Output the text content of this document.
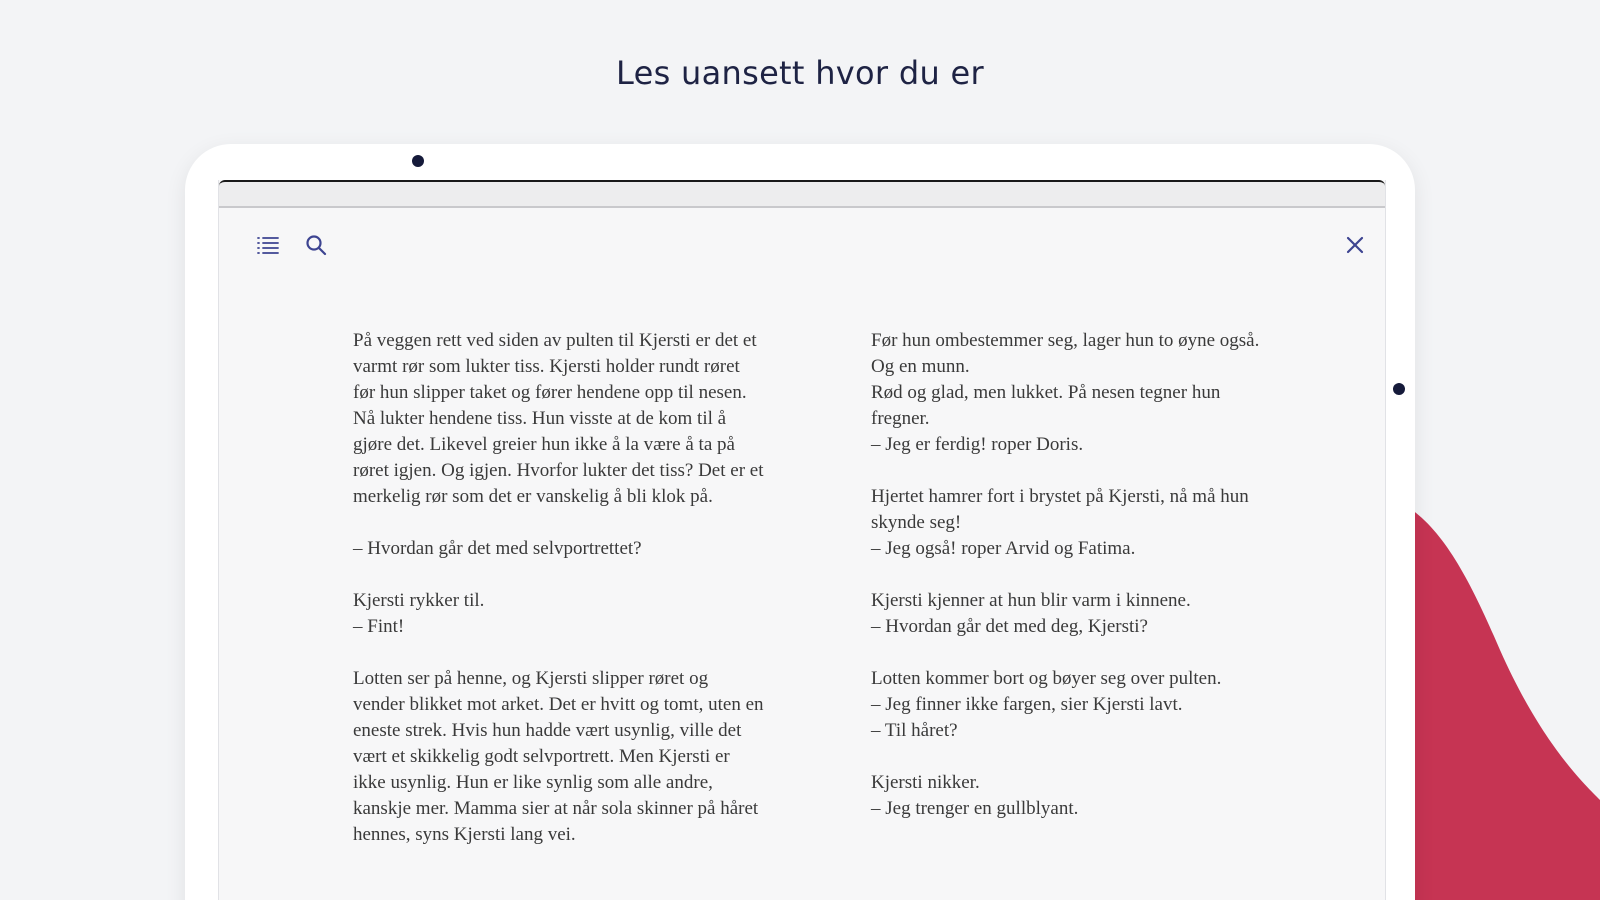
Les uansett hvor du er

På veggen rett ved siden av pulten til Kjersti er det et
varmt rør som lukter tiss. Kjersti holder rundt røret
før hun slipper taket og fører hendene opp til nesen.
Nå lukter hendene tiss. Hun visste at de kom til å
gjøre det. Likevel greier hun ikke å la være å ta på
røret igjen. Og igjen. Hvorfor lukter det tiss? Det er et
merkelig rør som det er vanskelig å bli klok på.

– Hvordan går det med selvportrettet?

Kjersti rykker til.
– Fint!

Lotten ser på henne, og Kjersti slipper røret og
vender blikket mot arket. Det er hvitt og tomt, uten en
eneste strek. Hvis hun hadde vært usynlig, ville det
vært et skikkelig godt selvportrett. Men Kjersti er
ikke usynlig. Hun er like synlig som alle andre,
kanskje mer. Mamma sier at når sola skinner på håret
hennes, syns Kjersti lang vei.

Før hun ombestemmer seg, lager hun to øyne også.
Og en munn.
Rød og glad, men lukket. På nesen tegner hun
fregner.
– Jeg er ferdig! roper Doris.

Hjertet hamrer fort i brystet på Kjersti, nå må hun
skynde seg!
– Jeg også! roper Arvid og Fatima.

Kjersti kjenner at hun blir varm i kinnene.
– Hvordan går det med deg, Kjersti?

Lotten kommer bort og bøyer seg over pulten.
– Jeg finner ikke fargen, sier Kjersti lavt.
– Til håret?

Kjersti nikker.
– Jeg trenger en gullblyant.
